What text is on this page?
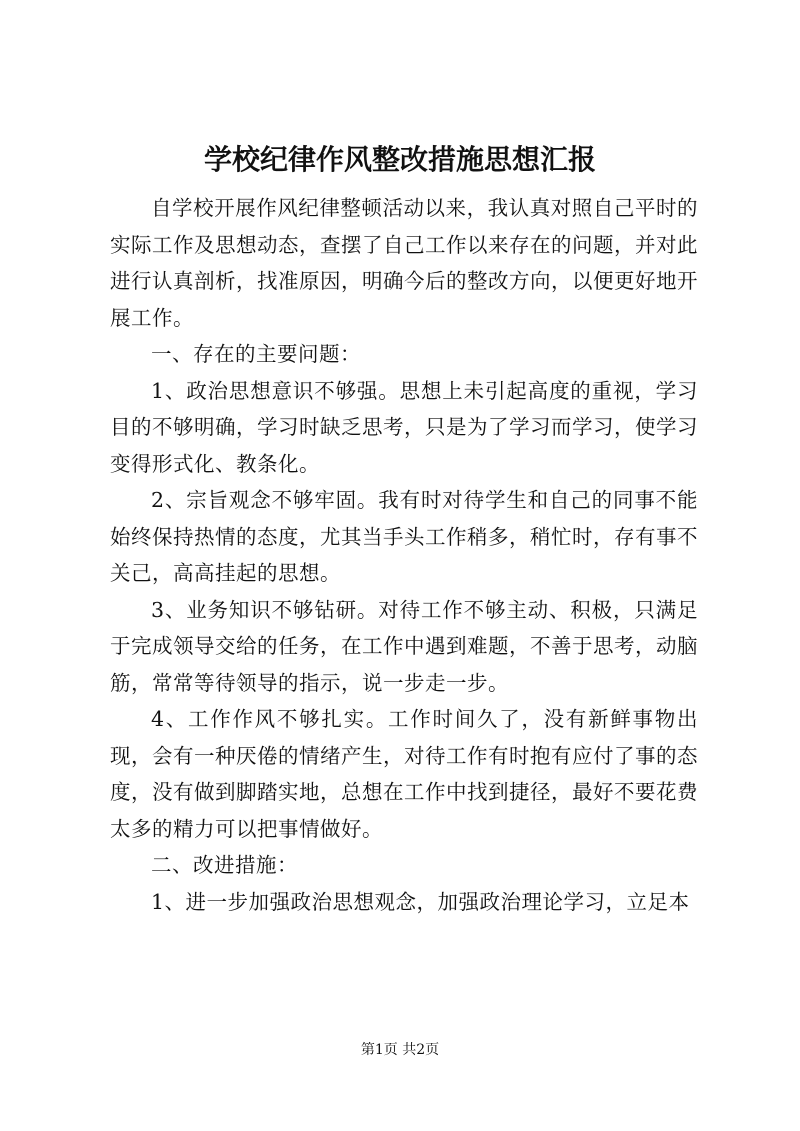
学校纪律作风整改措施思想汇报

自学校开展作风纪律整顿活动以来，我认真对照自己平时的实际工作及思想动态，查摆了自己工作以来存在的问题，并对此进行认真剖析，找准原因，明确今后的整改方向，以便更好地开展工作。

一、存在的主要问题：

1、政治思想意识不够强。思想上未引起高度的重视，学习目的不够明确，学习时缺乏思考，只是为了学习而学习，使学习变得形式化、教条化。

2、宗旨观念不够牢固。我有时对待学生和自己的同事不能始终保持热情的态度，尤其当手头工作稍多，稍忙时，存有事不关己，高高挂起的思想。

3、业务知识不够钻研。对待工作不够主动、积极，只满足于完成领导交给的任务，在工作中遇到难题，不善于思考，动脑筋，常常等待领导的指示，说一步走一步。

4、工作作风不够扎实。工作时间久了，没有新鲜事物出现，会有一种厌倦的情绪产生，对待工作有时抱有应付了事的态度，没有做到脚踏实地，总想在工作中找到捷径，最好不要花费太多的精力可以把事情做好。

二、改进措施：

1、进一步加强政治思想观念，加强政治理论学习，立足本

第1页 共2页
